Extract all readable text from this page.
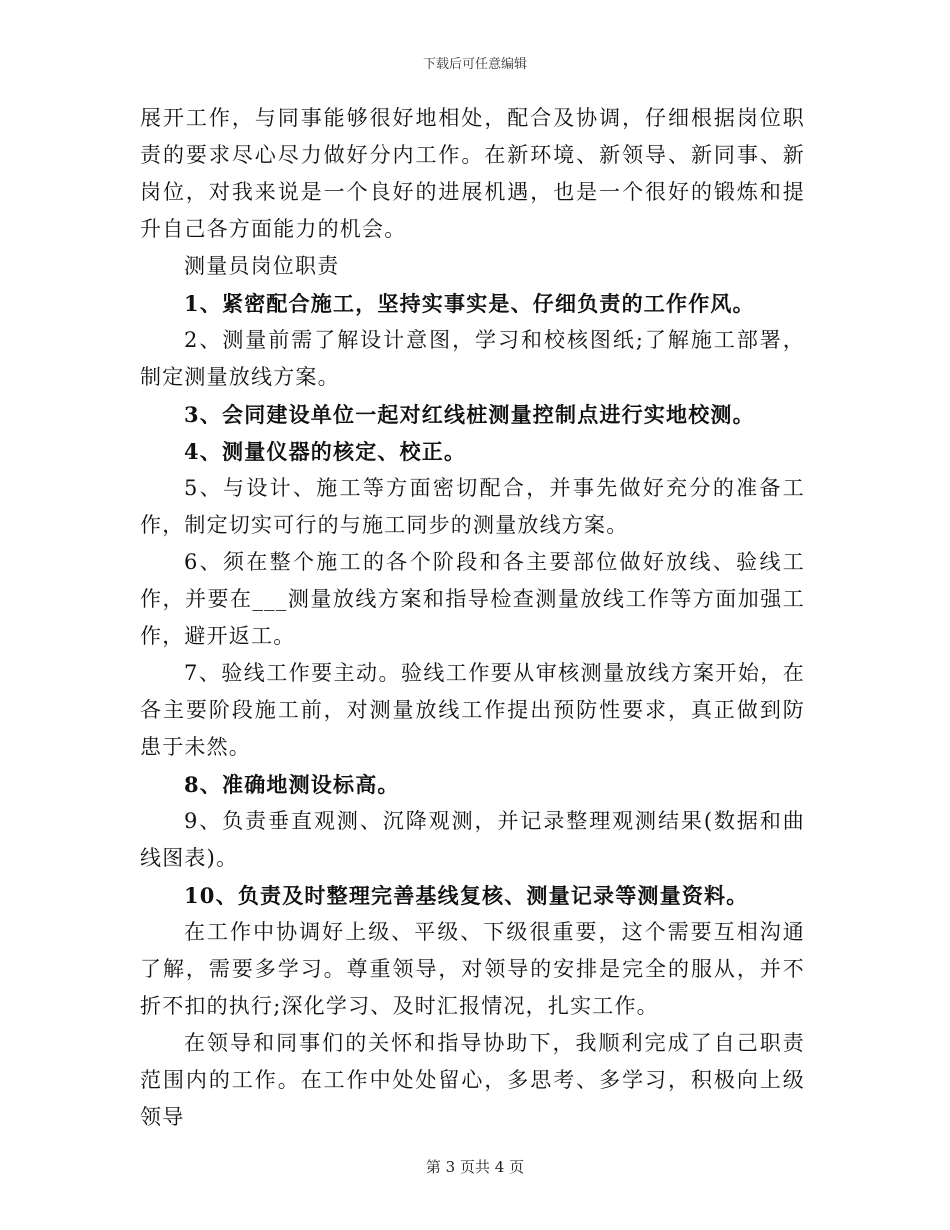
下载后可任意编辑

展开工作，与同事能够很好地相处，配合及协调，仔细根据岗位职责的要求尽心尽力做好分内工作。在新环境、新领导、新同事、新岗位，对我来说是一个良好的进展机遇，也是一个很好的锻炼和提升自己各方面能力的机会。

测量员岗位职责

1、紧密配合施工，坚持实事实是、仔细负责的工作作风。

2、测量前需了解设计意图，学习和校核图纸;了解施工部署，制定测量放线方案。

3、会同建设单位一起对红线桩测量控制点进行实地校测。

4、测量仪器的核定、校正。

5、与设计、施工等方面密切配合，并事先做好充分的准备工作，制定切实可行的与施工同步的测量放线方案。

6、须在整个施工的各个阶段和各主要部位做好放线、验线工作，并要在___测量放线方案和指导检查测量放线工作等方面加强工作，避开返工。

7、验线工作要主动。验线工作要从审核测量放线方案开始，在各主要阶段施工前，对测量放线工作提出预防性要求，真正做到防患于未然。

8、准确地测设标高。

9、负责垂直观测、沉降观测，并记录整理观测结果(数据和曲线图表)。

10、负责及时整理完善基线复核、测量记录等测量资料。

在工作中协调好上级、平级、下级很重要，这个需要互相沟通了解，需要多学习。尊重领导，对领导的安排是完全的服从，并不折不扣的执行;深化学习、及时汇报情况，扎实工作。

在领导和同事们的关怀和指导协助下，我顺利完成了自己职责范围内的工作。在工作中处处留心，多思考、多学习，积极向上级领导

第 3 页共 4 页
